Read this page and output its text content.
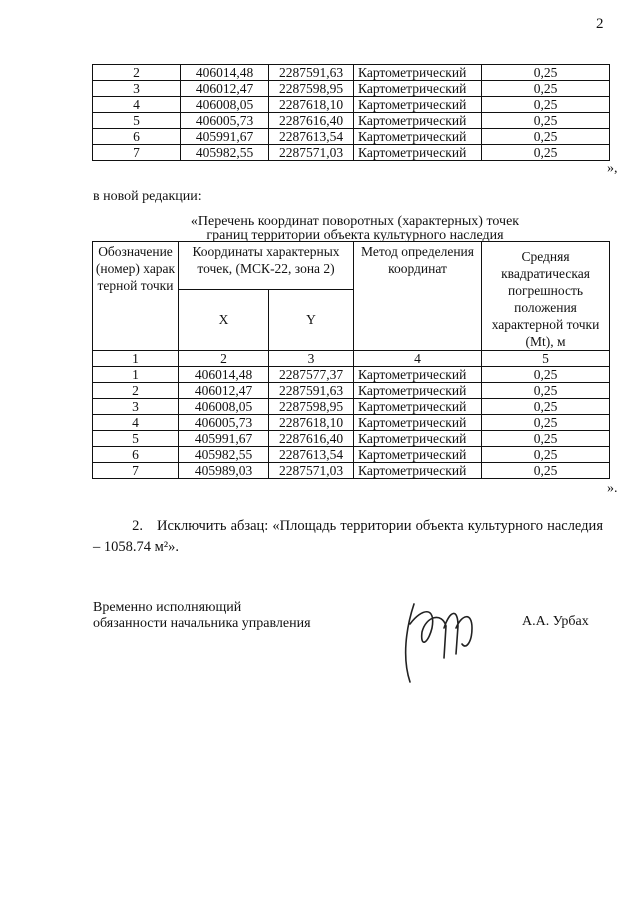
2
2	406014,48	2287591,63	Картометрический	0,25
3	406012,47	2287598,95	Картометрический	0,25
4	406008,05	2287618,10	Картометрический	0,25
5	406005,73	2287616,40	Картометрический	0,25
6	405991,67	2287613,54	Картометрический	0,25
7	405982,55	2287571,03	Картометрический	0,25
»,
в новой редакции:
«Перечень координат поворотных (характерных) точек
границ территории объекта культурного наследия
Обозначение (номер) характерной точки	Координаты характерных точек, (МСК-22, зона 2)		Метод определения координат	Средняя квадратическая погрешность положения характерной точки (Mt), м
	X	Y		
1	2	3	4	5
1	406014,48	2287577,37	Картометрический	0,25
2	406012,47	2287591,63	Картометрический	0,25
3	406008,05	2287598,95	Картометрический	0,25
4	406005,73	2287618,10	Картометрический	0,25
5	405991,67	2287616,40	Картометрический	0,25
6	405982,55	2287613,54	Картометрический	0,25
7	405989,03	2287571,03	Картометрический	0,25
».
2. Исключить абзац: «Площадь территории объекта культурного наследия – 1058.74 м²».
Временно исполняющий
обязанности начальника управления	А.А. Урбах
